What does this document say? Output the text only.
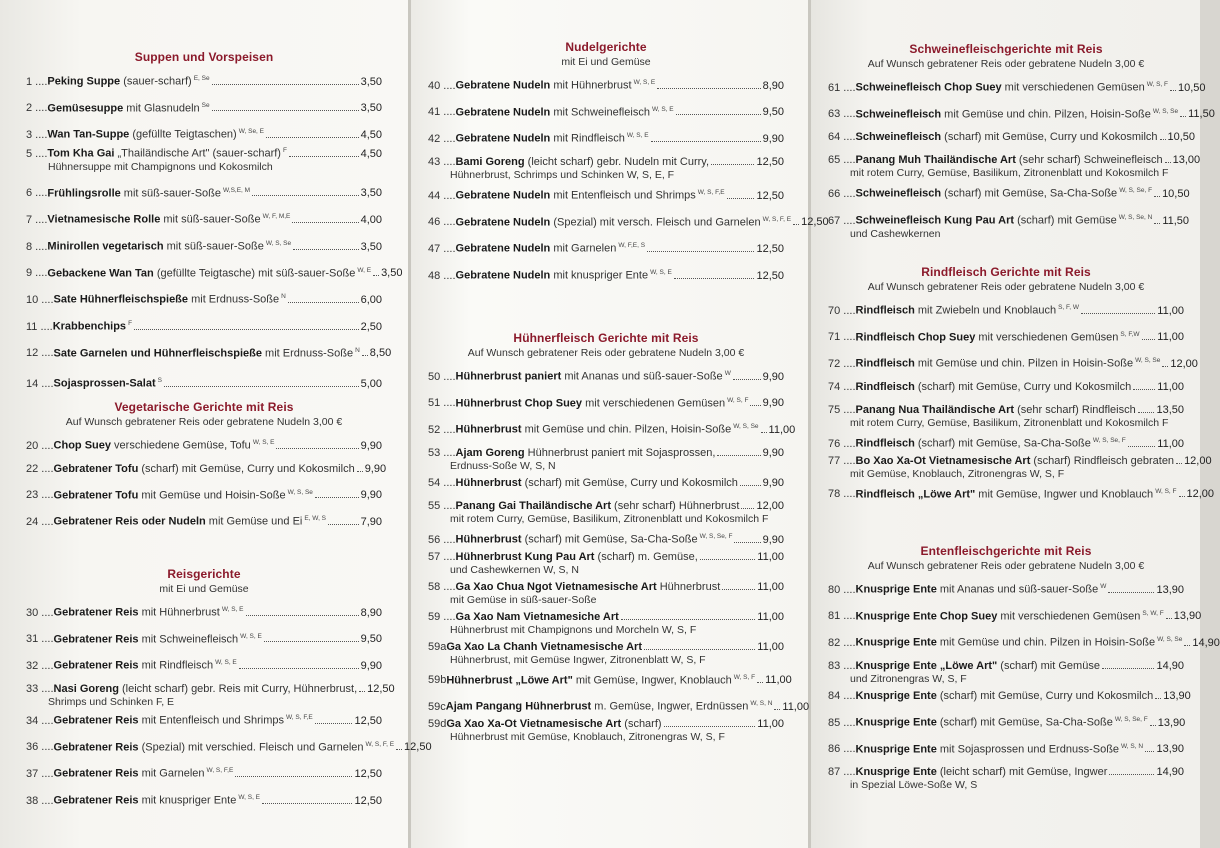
Suppen und Vorspeisen
1 .... Peking Suppe (sauer-scharf) $^{E, Se}$	3,50
2 .... Gemüsesuppe mit Glasnudeln $^{Se}$	3,50
3 .... Wan Tan-Suppe (gefüllte Teigtaschen) $^{W, Se, E}$	4,50
5 .... Tom Kha Gai „Thailändische Art" (sauer-scharf) $^F$	4,50
Hühnersuppe mit Champignons und Kokosmilch
6 .... Frühlingsrolle mit süß-sauer-Soße $^{W,S,E, M}$	3,50
7 .... Vietnamesische Rolle mit süß-sauer-Soße $^{W, F, M,E}$	4,00
8 .... Minirollen vegetarisch mit süß-sauer-Soße $^{W, S, Se}$	3,50
9 .... Gebackene Wan Tan (gefüllte Teigtasche) mit süß-sauer-Soße $^{W, E}$ 3,50
10 .... Sate Hühnerfleischspieße mit Erdnuss-Soße $^N$	6,00
11 .... Krabbenchips $^F$	2,50
12 .... Sate Garnelen und Hühnerfleischspieße mit Erdnuss-Soße $^N$ 8,50
14 .... Sojasprossen-Salat $^S$	5,00
Vegetarische Gerichte mit Reis
Auf Wunsch gebratener Reis oder gebratene Nudeln 3,00 €
20 .... Chop Suey verschiedene Gemüse, Tofu $^{W, S, E}$	9,90
22 .... Gebratener Tofu (scharf) mit Gemüse, Curry und Kokosmilch 9,90
23 .... Gebratener Tofu mit Gemüse und Hoisin-Soße $^{W, S, Se}$	9,90
24 .... Gebratener Reis oder Nudeln mit Gemüse und Ei $^{E, W, S}$	7,90
Reisgerichte
mit Ei und Gemüse
30 .... Gebratener Reis mit Hühnerbrust $^{W, S, E}$	8,90
31 .... Gebratener Reis mit Schweinefleisch $^{W, S, E}$	9,50
32 .... Gebratener Reis mit Rindfleisch $^{W, S, E}$	9,90
33 .... Nasi Goreng (leicht scharf) gebr. Reis mit Curry, Hühnerbrust, 12,50
Shrimps und Schinken F, E
34 .... Gebratener Reis mit Entenfleisch und Shrimps $^{W, S, F,E}$	12,50
36 .... Gebratener Reis (Spezial) mit verschied. Fleisch und Garnelen $^{W, S, F, E}$ 12,50
37 .... Gebratener Reis mit Garnelen $^{W, S, F,E}$	12,50
38 .... Gebratener Reis mit knuspriger Ente $^{W, S, E}$	12,50
Nudelgerichte
mit Ei und Gemüse
40 .... Gebratene Nudeln mit Hühnerbrust $^{W, S, E}$	8,90
41 .... Gebratene Nudeln mit Schweinefleisch $^{W, S, E}$	9,50
42 .... Gebratene Nudeln mit Rindfleisch $^{W, S, E}$	9,90
43 .... Bami Goreng (leicht scharf) gebr. Nudeln mit Curry,	12,50
Hühnerbrust, Schrimps und Schinken W, S, E, F
44 .... Gebratene Nudeln mit Entenfleisch und Shrimps $^{W, S, F,E}$	12,50
46 .... Gebratene Nudeln (Spezial) mit versch. Fleisch und Garnelen $^{W, S, F, E}$ 12,50
47 .... Gebratene Nudeln mit Garnelen $^{W, F,E, S}$	12,50
48 .... Gebratene Nudeln mit knuspriger Ente $^{W, S, E}$	12,50
Hühnerfleisch Gerichte mit Reis
Auf Wunsch gebratener Reis oder gebratene Nudeln 3,00 €
50 .... Hühnerbrust paniert mit Ananas und süß-sauer-Soße $^W$	9,90
51 .... Hühnerbrust Chop Suey mit verschiedenen Gemüsen $^{W, S, F}$ 9,90
52 .... Hühnerbrust mit Gemüse und chin. Pilzen, Hoisin-Soße $^{W, S, Se}$ 11,00
53 .... Ajam Goreng Hühnerbrust paniert mit Sojasprossen,	9,90
Erdnuss-Soße W, S, N
54 .... Hühnerbrust (scharf) mit Gemüse, Curry und Kokosmilch 9,90
55 .... Panang Gai Thailändische Art (sehr scharf) Hühnerbrust 12,00
mit rotem Curry, Gemüse, Basilikum, Zitronenblatt und Kokosmilch F
56 .... Hühnerbrust (scharf) mit Gemüse, Sa-Cha-Soße $^{W, S, Se, F}$	9,90
57 .... Hühnerbrust Kung Pau Art (scharf) m. Gemüse,	11,00
und Cashewkernen W, S, N
58 .... Ga Xao Chua Ngot Vietnamesische Art Hühnerbrust	11,00
mit Gemüse in süß-sauer-Soße
59 .... Ga Xao Nam Vietnamesiche Art	11,00
Hühnerbrust mit Champignons und Morcheln W, S, F
59a Ga Xao La Chanh Vietnamesische Art	11,00
Hühnerbrust, mit Gemüse Ingwer, Zitronenblatt W, S, F
59b Hühnerbrust „Löwe Art" mit Gemüse, Ingwer, Knoblauch $^{W, S, F}$ 11,00
59c Ajam Pangang Hühnerbrust m. Gemüse, Ingwer, Erdnüssen $^{W, S, N}$ 11,00
59d Ga Xao Xa-Ot Vietnamesische Art (scharf)	11,00
Hühnerbrust mit Gemüse, Knoblauch, Zitronengras W, S, F
Schweinefleischgerichte mit Reis
Auf Wunsch gebratener Reis oder gebratene Nudeln 3,00 €
61 .... Schweinefleisch Chop Suey mit verschiedenen Gemüsen $^{W, S, F}$ 10,50
63 .... Schweinefleisch mit Gemüse und chin. Pilzen, Hoisin-Soße $^{W, S, Se}$ 11,50
64 .... Schweinefleisch (scharf) mit Gemüse, Curry und Kokosmilch 10,50
65 .... Panang Muh Thailändische Art (sehr scharf) Schweinefleisch 13,00
mit rotem Curry, Gemüse, Basilikum, Zitronenblatt und Kokosmilch F
66 .... Schweinefleisch (scharf) mit Gemüse, Sa-Cha-Soße $^{W, S, Se, F}$ 10,50
67 .... Schweinefleisch Kung Pau Art (scharf) mit Gemüse $^{W, S, Se, N}$ 11,50
und Cashewkernen
Rindfleisch Gerichte mit Reis
Auf Wunsch gebratener Reis oder gebratene Nudeln 3,00 €
70 .... Rindfleisch mit Zwiebeln und Knoblauch $^{S, F, W}$	11,00
71 .... Rindfleisch Chop Suey mit verschiedenen Gemüsen $^{S, F,W}$ 11,00
72 .... Rindfleisch mit Gemüse und chin. Pilzen in Hoisin-Soße $^{W, S, Se}$ 12,00
74 .... Rindfleisch (scharf) mit Gemüse, Curry und Kokosmilch 11,00
75 .... Panang Nua Thailändische Art (sehr scharf) Rindfleisch 13,50
mit rotem Curry, Gemüse, Basilikum, Zitronenblatt und Kokosmilch F
76 .... Rindfleisch (scharf) mit Gemüse, Sa-Cha-Soße $^{W, S, Se, F}$	11,00
77 .... Bo Xao Xa-Ot Vietnamesische Art (scharf) Rindfleisch gebraten 12,00
mit Gemüse, Knoblauch, Zitronengras W, S, F
78 .... Rindfleisch „Löwe Art" mit Gemüse, Ingwer und Knoblauch $^{W, S, F}$ 12,00
Entenfleischgerichte mit Reis
Auf Wunsch gebratener Reis oder gebratene Nudeln 3,00 €
80 .... Knusprige Ente mit Ananas und süß-sauer-Soße $^W$	13,90
81 .... Knusprige Ente Chop Suey mit verschiedenen Gemüsen $^{S, W, F}$ 13,90
82 .... Knusprige Ente mit Gemüse und chin. Pilzen in Hoisin-Soße $^{W, S, Se}$ 14,90
83 .... Knusprige Ente „Löwe Art" (scharf) mit Gemüse	14,90
und Zitronengras W, S, F
84 .... Knusprige Ente (scharf) mit Gemüse, Curry und Kokosmilch 13,90
85 .... Knusprige Ente (scharf) mit Gemüse, Sa-Cha-Soße $^{W, S, Se, F}$ 13,90
86 .... Knusprige Ente mit Sojasprossen und Erdnuss-Soße $^{W, S, N}$ 13,90
87 .... Knusprige Ente (leicht scharf) mit Gemüse, Ingwer	14,90
in Spezial Löwe-Soße W, S
